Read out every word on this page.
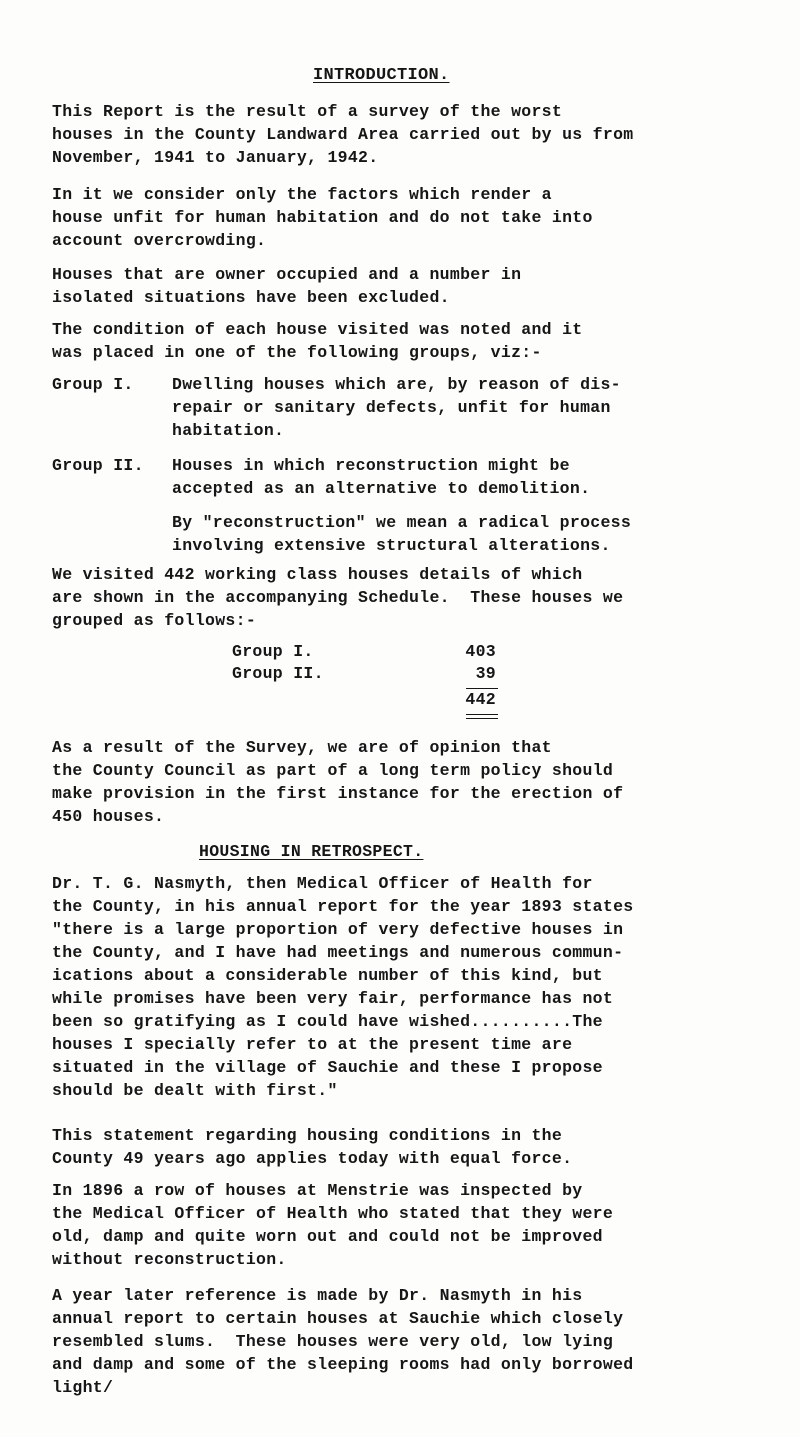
INTRODUCTION.
This Report is the result of a survey of the worst
houses in the County Landward Area carried out by us from
November, 1941 to January, 1942.
In it we consider only the factors which render a
house unfit for human habitation and do not take into
account overcrowding.
Houses that are owner occupied and a number in
isolated situations have been excluded.
The condition of each house visited was noted and it
was placed in one of the following groups, viz:-
Group I. Dwelling houses which are, by reason of dis-
repair or sanitary defects, unfit for human
habitation.
Group II. Houses in which reconstruction might be
accepted as an alternative to demolition.
By "reconstruction" we mean a radical process
involving extensive structural alterations.
We visited 442 working class houses details of which
are shown in the accompanying Schedule.  These houses we
grouped as follows:-
Group I.	403
Group II.	39
442
As a result of the Survey, we are of opinion that
the County Council as part of a long term policy should
make provision in the first instance for the erection of
450 houses.
HOUSING IN RETROSPECT.
Dr. T. G. Nasmyth, then Medical Officer of Health for
the County, in his annual report for the year 1893 states
"there is a large proportion of very defective houses in
the County, and I have had meetings and numerous commun-
ications about a considerable number of this kind, but
while promises have been very fair, performance has not
been so gratifying as I could have wished..........The
houses I specially refer to at the present time are
situated in the village of Sauchie and these I propose
should be dealt with first."
This statement regarding housing conditions in the
County 49 years ago applies today with equal force.
In 1896 a row of houses at Menstrie was inspected by
the Medical Officer of Health who stated that they were
old, damp and quite worn out and could not be improved
without reconstruction.
A year later reference is made by Dr. Nasmyth in his
annual report to certain houses at Sauchie which closely
resembled slums.  These houses were very old, low lying
and damp and some of the sleeping rooms had only borrowed
light/
